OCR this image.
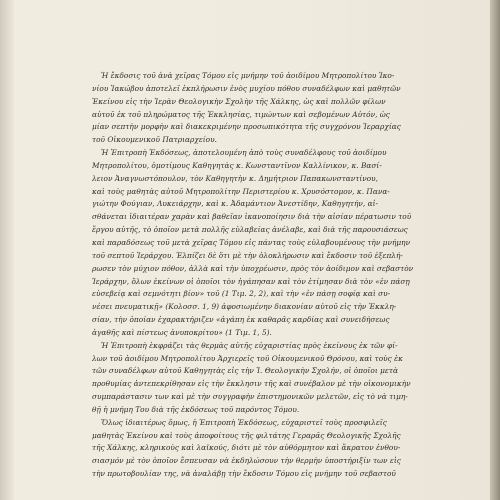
Ἡ ἔκδοσις τοῦ ἀνὰ χεῖρας Τόμου εἰς μνήμην τοῦ ἀοιδίμου Μητροπολίτου Ἰκο-
νίου Ἰακώβου ἀποτελεῖ ἐκπλήρωσιν ἑνὸς μυχίου πόθου συναδέλφων καὶ μαθητῶν
Ἐκείνου εἰς τὴν Ἱερὰν Θεολογικὴν Σχολὴν τῆς Χάλκης, ὡς καὶ πολλῶν φίλων
αὐτοῦ ἐκ τοῦ πληρώματος τῆς Ἐκκλησίας, τιμώντων καὶ σεβομένων Αὐτόν, ὡς
μίαν σεπτὴν μορφὴν καὶ διακεκριμένην προσωπικότητα τῆς συγχρόνου Ἱεραρχίας
τοῦ Οἰκουμενικοῦ Πατριαρχείου.
Ἡ Ἐπιτροπὴ Ἐκδόσεως, ἀποτελουμένη ἀπὸ τοὺς συναδέλφους τοῦ ἀοιδίμου
Μητροπολίτου, ὁμοτίμους Καθηγητὰς κ. Κωνσταντῖνον Καλλίνικον, κ. Βασί-
λειον Ἀναγνωστόπουλον, τὸν Καθηγητὴν κ. Δημήτριον Παπακωνσταντίνου,
καὶ τοὺς μαθητὰς αὐτοῦ Μητροπολίτην Περιστερίου κ. Χρυσόστομον, κ. Πανα-
γιώτην Φούγιαν, Λυκειάρχην, καὶ κ. Ἀδαμάντιον Ἀνεστίδην, Καθηγητήν, αἰ-
σθάνεται ἰδιαιτέραν χαρὰν καὶ βαθεῖαν ἱκανοποίησιν διὰ τὴν αἰσίαν πέρατωσιν τοῦ
ἔργου αὐτῆς, τὸ ὁποῖον μετὰ πολλῆς εὐλαβείας ἀνέλαβε, καὶ διὰ τῆς παρουσιάσεως
καὶ παραδόσεως τοῦ μετὰ χεῖρας Τόμου εἰς πάντας τοὺς εὐλαβουμένους τὴν μνήμην
τοῦ σεπτοῦ Ἱεράρχου. Ἐλπίζει δὲ ὅτι μὲ τὴν ὁλοκλήρωσιν καὶ ἔκδοσιν τοῦ ἐξεπλή-
ρωσεν τὸν μύχιον πόθον, ἀλλὰ καὶ τὴν ὑποχρέωσιν, πρὸς τὸν ἀοίδιμον καὶ σεβαστὸν
Ἱεράρχην, ὅλων ἐκείνων οἱ ὁποῖοι τὸν ἠγάπησαν καὶ τὸν ἐτίμησαν διὰ τὸν «ἐν πάσῃ
εὐσεβείᾳ καὶ σεμνότητι βίον» τοῦ (1 Τιμ. 2, 2), καὶ τὴν «ἐν πάσῃ σοφίᾳ καὶ συ-
νέσει πνευματικῇ» (Κολοσσ. 1, 9) ἀφοσιωμένην διακονίαν αὐτοῦ εἰς τὴν Ἐκκλη-
σίαν, τὴν ὁποίαν ἐχαρακτήριζεν «ἀγάπη ἐκ καθαρᾶς καρδίας καὶ συνειδήσεως
ἀγαθῆς καὶ πίστεως ἀνυποκρίτου» (1 Τιμ. 1, 5).
Ἡ Ἐπιτροπὴ ἐκφράζει τὰς θερμὰς αὐτῆς εὐχαριστίας πρὸς ἐκείνους ἐκ τῶν φί-
λων τοῦ ἀοιδίμου Μητροπολίτου Ἀρχιερεῖς τοῦ Οἰκουμενικοῦ Θρόνου, καὶ τοὺς ἐκ
τῶν συναδέλφων αὐτοῦ Καθηγητὰς εἰς τὴν Ἱ. Θεολογικὴν Σχολήν, οἱ ὁποῖοι μετὰ
προθυμίας ἀντεπεκρίθησαν εἰς τὴν ἔκκλησιν τῆς καὶ συνέβαλον μὲ τὴν οἰκονομικὴν
συμπαράστασιν των καὶ μὲ τὴν συγγραφὴν ἐπιστημονικῶν μελετῶν, εἰς τὸ νὰ τιμη-
θῇ ἡ μνήμη Του διὰ τῆς ἐκδόσεως τοῦ παρόντος Τόμου.
Ὅλως ἰδιαιτέρως ὅμως, ἡ Ἐπιτροπὴ Ἐκδόσεως, εὐχαριστεῖ τοὺς προσφιλεῖς
μαθητὰς Ἐκείνου καὶ τοὺς ἀποφοίτους τῆς φιλτάτης Γεραρᾶς Θεολογικῆς Σχολῆς
τῆς Χάλκης, κληρικοὺς καὶ λαϊκούς, διότι μὲ τὸν αὐθόρμητον καὶ ἄκρατον ἐνθου-
σιασμόν μὲ τὸν ὁποῖον ἔσπευσαν νὰ ἐκδηλώσουν τὴν θερμὴν ὑποστήριξίν των εἰς
τὴν πρωτοβουλίαν της, νὰ ἀναλάβῃ τὴν ἔκδοσιν Τόμου εἰς μνήμην τοῦ σεβαστοῦ
